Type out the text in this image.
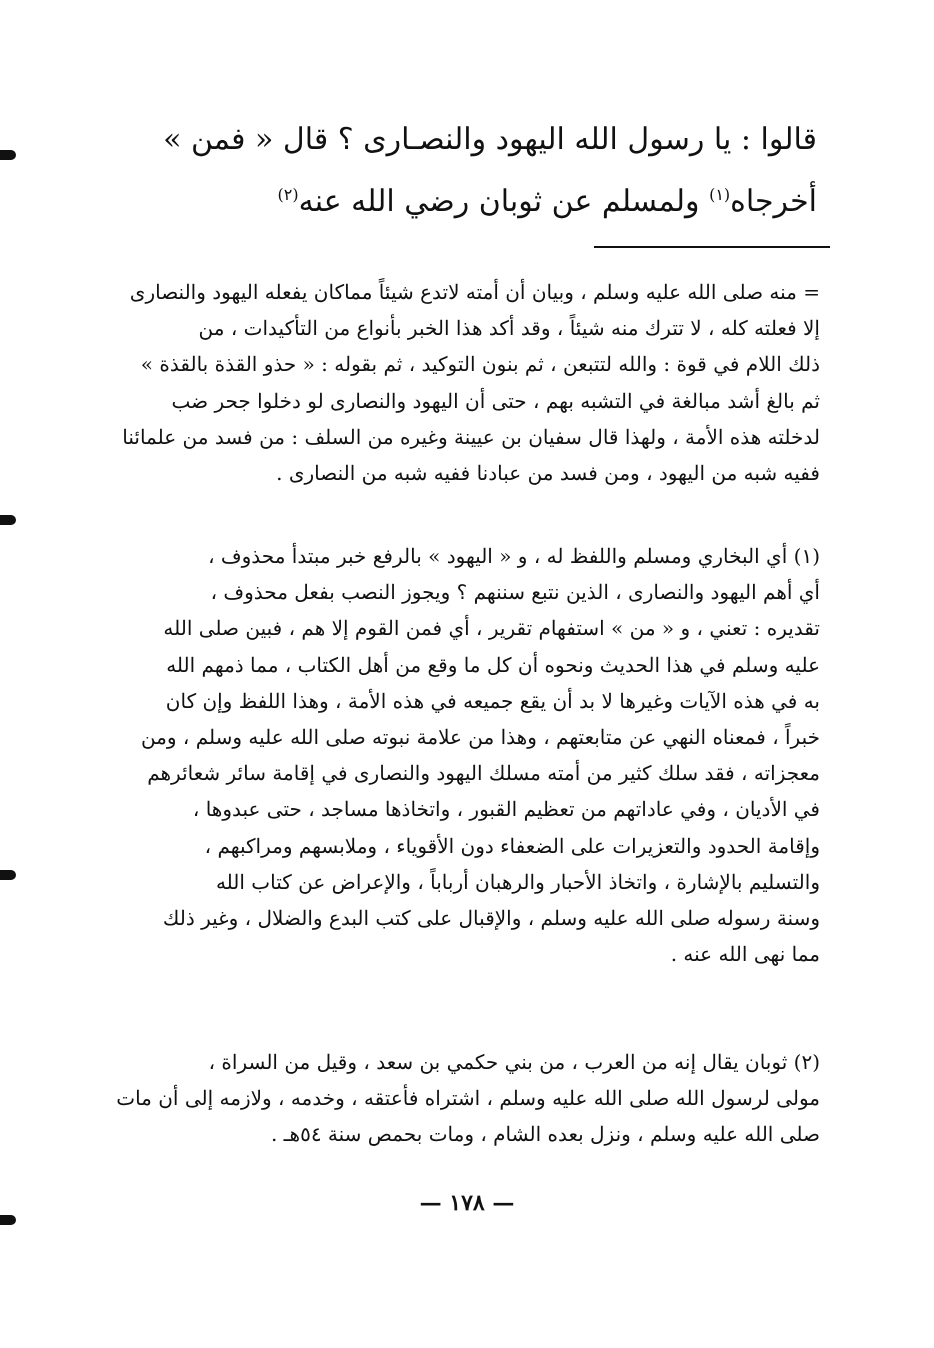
قالوا : يا رسول الله اليهود والنصـارى ؟ قال « فمن »
أخرجاه$^{(١)}$ ولمسلم عن ثوبان رضي الله عنه$^{(٢)}$
= منه صلى الله عليه وسلم ، وبيان أن أمته لاتدع شيئاً مماكان يفعله اليهود والنصارى
إلا فعلته كله ، لا تترك منه شيئاً ، وقد أكد هذا الخبر بأنواع من التأكيدات ، من
ذلك اللام في قوة : والله لتتبعن ، ثم بنون التوكيد ، ثم بقوله : « حذو القذة بالقذة »
ثم بالغ أشد مبالغة في التشبه بهم ، حتى أن اليهود والنصارى لو دخلوا جحر ضب
لدخلته هذه الأمة ، ولهذا قال سفيان بن عيينة وغيره من السلف : من فسد من علمائنا
ففيه شبه من اليهود ، ومن فسد من عبادنا ففيه شبه من النصارى .
(١) أي البخاري ومسلم واللفظ له ، و « اليهود » بالرفع خبر مبتدأ محذوف ،
أي أهم اليهود والنصارى ، الذين نتبع سننهم ؟ ويجوز النصب بفعل محذوف ،
تقديره : تعني ، و « من » استفهام تقرير ، أي فمن القوم إلا هم ، فبين صلى الله
عليه وسلم في هذا الحديث ونحوه أن كل ما وقع من أهل الكتاب ، مما ذمهم الله
به في هذه الآيات وغيرها لا بد أن يقع جميعه في هذه الأمة ، وهذا اللفظ وإن كان
خبراً ، فمعناه النهي عن متابعتهم ، وهذا من علامة نبوته صلى الله عليه وسلم ، ومن
معجزاته ، فقد سلك كثير من أمته مسلك اليهود والنصارى في إقامة سائر شعائرهم
في الأديان ، وفي عاداتهم من تعظيم القبور ، واتخاذها مساجد ، حتى عبدوها ،
وإقامة الحدود والتعزيرات على الضعفاء دون الأقوياء ، وملابسهم ومراكبهم ،
والتسليم بالإشارة ، واتخاذ الأحبار والرهبان أرباباً ، والإعراض عن كتاب الله
وسنة رسوله صلى الله عليه وسلم ، والإقبال على كتب البدع والضلال ، وغير ذلك
مما نهى الله عنه .
(٢) ثوبان يقال إنه من العرب ، من بني حكمي بن سعد ، وقيل من السراة ،
مولى لرسول الله صلى الله عليه وسلم ، اشتراه فأعتقه ، وخدمه ، ولازمه إلى أن مات
صلى الله عليه وسلم ، ونزل بعده الشام ، ومات بحمص سنة ٥٤هـ .
— ١٧٨ —
